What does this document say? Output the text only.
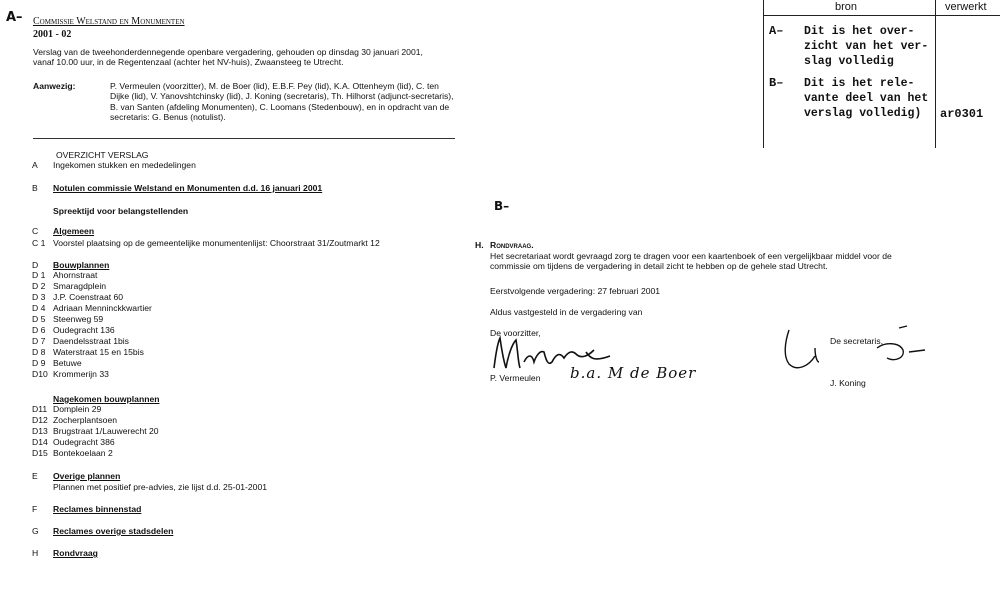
A– Commissie Welstand en Monumenten
2001 - 02
Verslag van de tweehonderdennegende openbare vergadering, gehouden op dinsdag 30 januari 2001, vanaf 10.00 uur, in de Regentenzaal (achter het NV-huis), Zwaansteeg te Utrecht.
Aanwezig:	P. Vermeulen (voorzitter), M. de Boer (lid), E.B.F. Pey (lid), K.A. Ottenheym (lid), C. ten Dijke (lid), V. Yanovshtchinsky (lid), J. Koning (secretaris), Th. Hilhorst (adjunct-secretaris), B. van Santen (afdeling Monumenten), C. Loomans (Stedenbouw), en in opdracht van de secretaris: G. Benus (notulist).
OVERZICHT VERSLAG
A	Ingekomen stukken en mededelingen
B	Notulen commissie Welstand en Monumenten d.d. 16 januari 2001
Spreektijd voor belangstellenden
C	Algemeen
C 1 Voorstel plaatsing op de gemeentelijke monumentenlijst: Choorstraat 31/Zoutmarkt 12
D	Bouwplannen
D 1 Ahornstraat
D 2 Smaragdplein
D 3 J.P. Coenstraat 60
D 4 Adriaan Menninckkwartier
D 5 Steenweg 59
D 6 Oudegracht 136
D 7 Daendelsstraat 1bis
D 8 Waterstraat 15 en 15bis
D 9 Betuwe
D10 Krommerijn 33
Nagekomen bouwplannen
D11 Domplein 29
D12 Zocherplantsoen
D13 Brugstraat 1/Lauwerecht 20
D14 Oudegracht 386
D15 Bontekoelaan 2
E	Overige plannen
Plannen met positief pre-advies, zie lijst d.d. 25-01-2001
F	Reclames binnenstad
G	Reclames overige stadsdelen
H	Rondvraag
bron	verwerkt
A– Dit is het over- zicht van het ver- slag volledig
B– Dit is het rele- vante deel van het verslag volledig)	ar0301
B–
H. Rondvraag.
Het secretariaat wordt gevraagd zorg te dragen voor een kaartenboek of een vergelijkbaar middel voor de commissie om tijdens de vergadering in detail zicht te hebben op de gehele stad Utrecht.
Eerstvolgende vergadering: 27 februari 2001
Aldus vastgesteld in de vergadering van
De voorzitter,
P. Vermeulen b.a. M de Boer
De secretaris,
J. Koning
